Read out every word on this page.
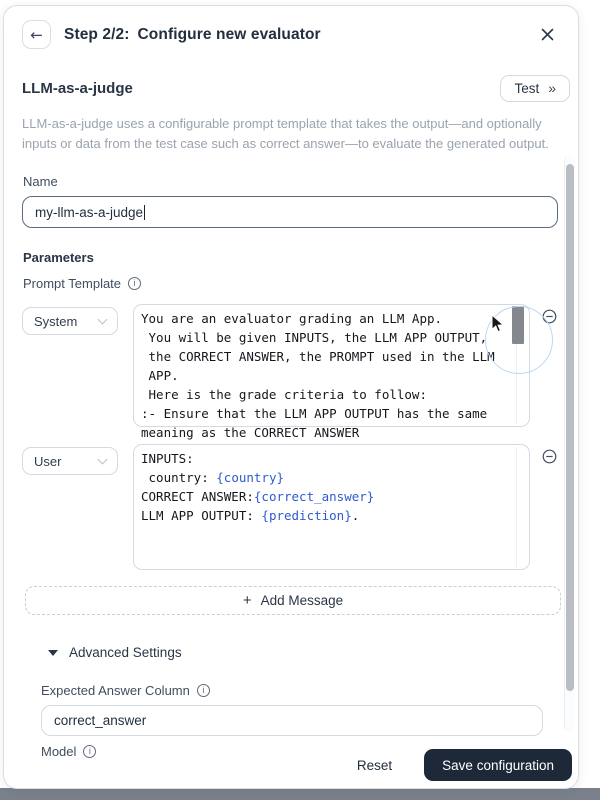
← Step 2/2: Configure new evaluator
LLM-as-a-judge	Test »
LLM-as-a-judge uses a configurable prompt template that takes the output—and optionally inputs or data from the test case such as correct answer—to evaluate the generated output.
Name
my-llm-as-a-judge
Parameters
Prompt Template	i
System	You are an evaluator grading an LLM App.
You will be given INPUTS, the LLM APP OUTPUT,
the CORRECT ANSWER, the PROMPT used in the LLM
APP.
Here is the grade criteria to follow:
:- Ensure that the LLM APP OUTPUT has the same
meaning as the CORRECT ANSWER
User	INPUTS:
country: {country}
CORRECT ANSWER:{correct_answer}
LLM APP OUTPUT: {prediction}.
+ Add Message
Advanced Settings
Expected Answer Column	i
correct_answer
Model	i
Reset	Save configuration
